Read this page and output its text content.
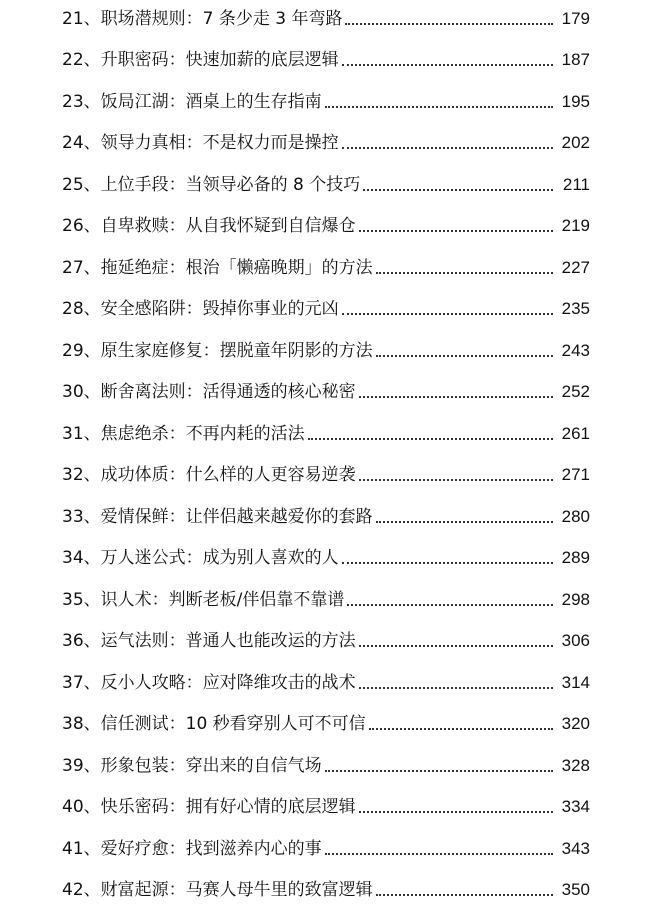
21、 职场潜规则：7 条少走 3 年弯路	179
22、 升职密码：快速加薪的底层逻辑	187
23、 饭局江湖：酒桌上的生存指南	195
24、 领导力真相：不是权力而是操控	202
25、 上位手段：当领导必备的 8 个技巧	211
26、 自卑救赎：从自我怀疑到自信爆仓	219
27、 拖延绝症：根治「懒癌晚期」的方法	227
28、 安全感陷阱：毁掉你事业的元凶	235
29、 原生家庭修复：摆脱童年阴影的方法	243
30、 断舍离法则：活得通透的核心秘密	252
31、 焦虑绝杀：不再内耗的活法	261
32、 成功体质：什么样的人更容易逆袭	271
33、 爱情保鲜：让伴侣越来越爱你的套路	280
34、 万人迷公式：成为别人喜欢的人	289
35、 识人术：判断老板/伴侣靠不靠谱	298
36、 运气法则：普通人也能改运的方法	306
37、 反小人攻略：应对降维攻击的战术	314
38、 信任测试：10 秒看穿别人可不可信	320
39、 形象包装：穿出来的自信气场	328
40、 快乐密码：拥有好心情的底层逻辑	334
41、 爱好疗愈：找到滋养内心的事	343
42、 财富起源：马赛人母牛里的致富逻辑	350
